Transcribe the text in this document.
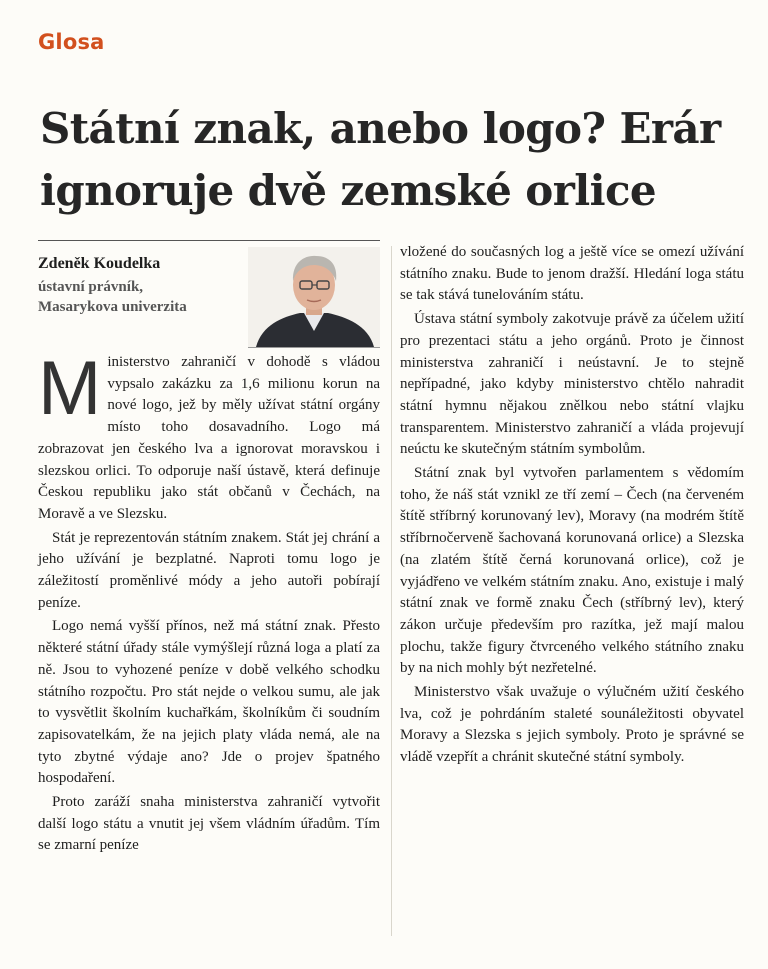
Glosa
Státní znak, anebo logo? Erár ignoruje dvě zemské orlice
Zdeněk Koudelka
ústavní právník,
Masarykova univerzita

Ministerstvo zahraničí v dohodě s vládou vypsalo zakázku za 1,6 milionu korun na nové logo, jež by měly užívat státní orgány místo toho dosavadního. Logo má zobrazovat jen českého lva a ignorovat moravskou i slezskou orlici. To odporuje naší ústavě, která definuje Českou republiku jako stát občanů v Čechách, na Moravě a ve Slezsku.

Stát je reprezentován státním znakem. Stát jej chrání a jeho užívání je bezplatné. Naproti tomu logo je záležitostí proměnlivé módy a jeho autoři pobírají peníze.

Logo nemá vyšší přínos, než má státní znak. Přesto některé státní úřady stále vymýšlejí různá loga a platí za ně. Jsou to vyhozené peníze v době velkého schodku státního rozpočtu. Pro stát nejde o velkou sumu, ale jak to vysvětlit školním kuchařkám, školníkům či soudním zapisovatelkám, že na jejich platy vláda nemá, ale na tyto zbytné výdaje ano? Jde o projev špatného hospodaření.

Proto zaráží snaha ministerstva zahraničí vytvořit další logo státu a vnutit jej všem vládním úřadům. Tím se zmarní peníze

vložené do současných log a ještě více se omezí užívání státního znaku. Bude to jenom dražší. Hledání loga státu se tak stává tunelováním státu.

Ústava státní symboly zakotvuje právě za účelem užití pro prezentaci státu a jeho orgánů. Proto je činnost ministerstva zahraničí i neústavní. Je to stejně nepřípadné, jako kdyby ministerstvo chtělo nahradit státní hymnu nějakou znělkou nebo státní vlajku transparentem. Ministerstvo zahraničí a vláda projevují neúctu ke skutečným státním symbolům.

Státní znak byl vytvořen parlamentem s vědomím toho, že náš stát vznikl ze tří zemí – Čech (na červeném štítě stříbrný korunovaný lev), Moravy (na modrém štítě stříbrnočerveně šachovaná korunovaná orlice) a Slezska (na zlatém štítě černá korunovaná orlice), což je vyjádřeno ve velkém státním znaku. Ano, existuje i malý státní znak ve formě znaku Čech (stříbrný lev), který zákon určuje především pro razítka, jež mají malou plochu, takže figury čtvrceného velkého státního znaku by na nich mohly být nezřetelné.

Ministerstvo však uvažuje o výlučném užití českého lva, což je pohrdáním staleté sounáležitosti obyvatel Moravy a Slezska s jejich symboly. Proto je správné se vládě vzepřít a chránit skutečné státní symboly.
